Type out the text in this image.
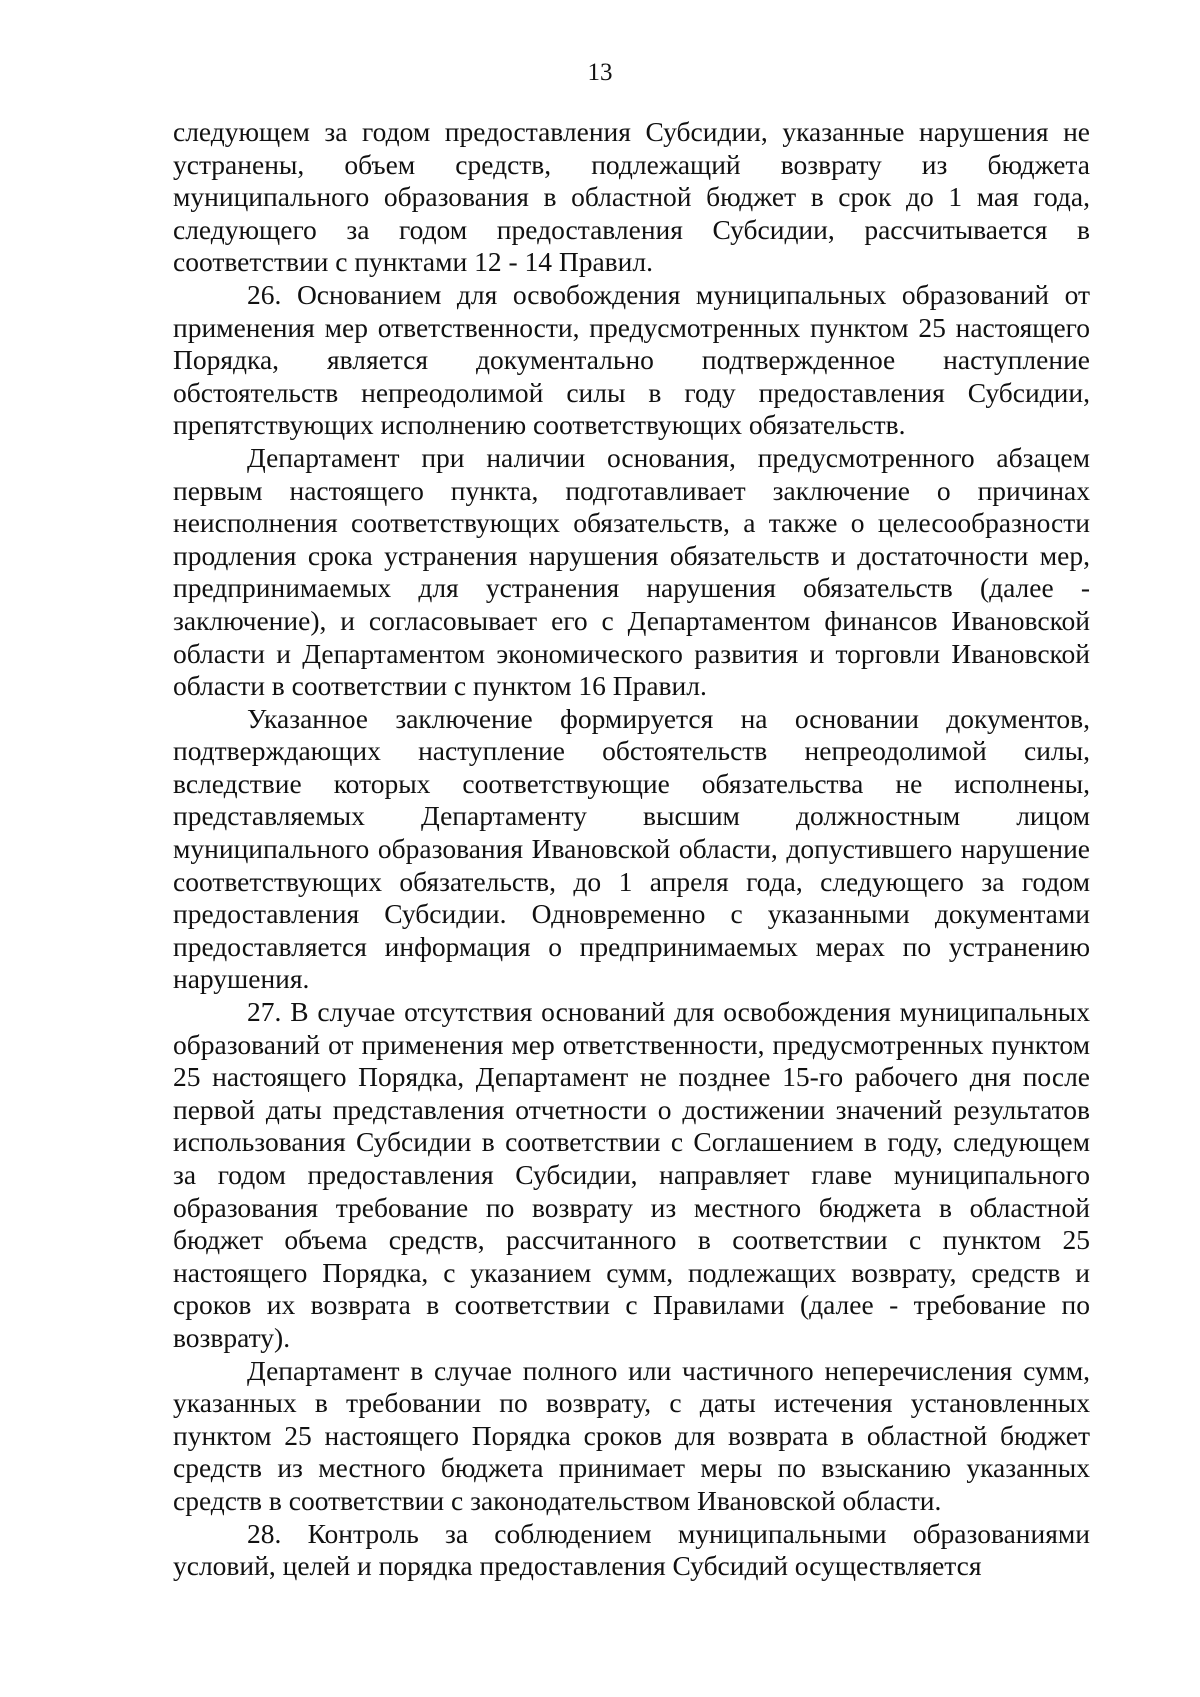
13

следующем за годом предоставления Субсидии, указанные нарушения не устранены, объем средств, подлежащий возврату из бюджета муниципального образования в областной бюджет в срок до 1 мая года, следующего за годом предоставления Субсидии, рассчитывается в соответствии с пунктами 12 - 14 Правил.

26. Основанием для освобождения муниципальных образований от применения мер ответственности, предусмотренных пунктом 25 настоящего Порядка, является документально подтвержденное наступление обстоятельств непреодолимой силы в году предоставления Субсидии, препятствующих исполнению соответствующих обязательств.

Департамент при наличии основания, предусмотренного абзацем первым настоящего пункта, подготавливает заключение о причинах неисполнения соответствующих обязательств, а также о целесообразности продления срока устранения нарушения обязательств и достаточности мер, предпринимаемых для устранения нарушения обязательств (далее - заключение), и согласовывает его с Департаментом финансов Ивановской области и Департаментом экономического развития и торговли Ивановской области в соответствии с пунктом 16 Правил.

Указанное заключение формируется на основании документов, подтверждающих наступление обстоятельств непреодолимой силы, вследствие которых соответствующие обязательства не исполнены, представляемых Департаменту высшим должностным лицом муниципального образования Ивановской области, допустившего нарушение соответствующих обязательств, до 1 апреля года, следующего за годом предоставления Субсидии. Одновременно с указанными документами предоставляется информация о предпринимаемых мерах по устранению нарушения.

27. В случае отсутствия оснований для освобождения муниципальных образований от применения мер ответственности, предусмотренных пунктом 25 настоящего Порядка, Департамент не позднее 15-го рабочего дня после первой даты представления отчетности о достижении значений результатов использования Субсидии в соответствии с Соглашением в году, следующем за годом предоставления Субсидии, направляет главе муниципального образования требование по возврату из местного бюджета в областной бюджет объема средств, рассчитанного в соответствии с пунктом 25 настоящего Порядка, с указанием сумм, подлежащих возврату, средств и сроков их возврата в соответствии с Правилами (далее - требование по возврату).

Департамент в случае полного или частичного неперечисления сумм, указанных в требовании по возврату, с даты истечения установленных пунктом 25 настоящего Порядка сроков для возврата в областной бюджет средств из местного бюджета принимает меры по взысканию указанных средств в соответствии с законодательством Ивановской области.

28. Контроль за соблюдением муниципальными образованиями условий, целей и порядка предоставления Субсидий осуществляется
